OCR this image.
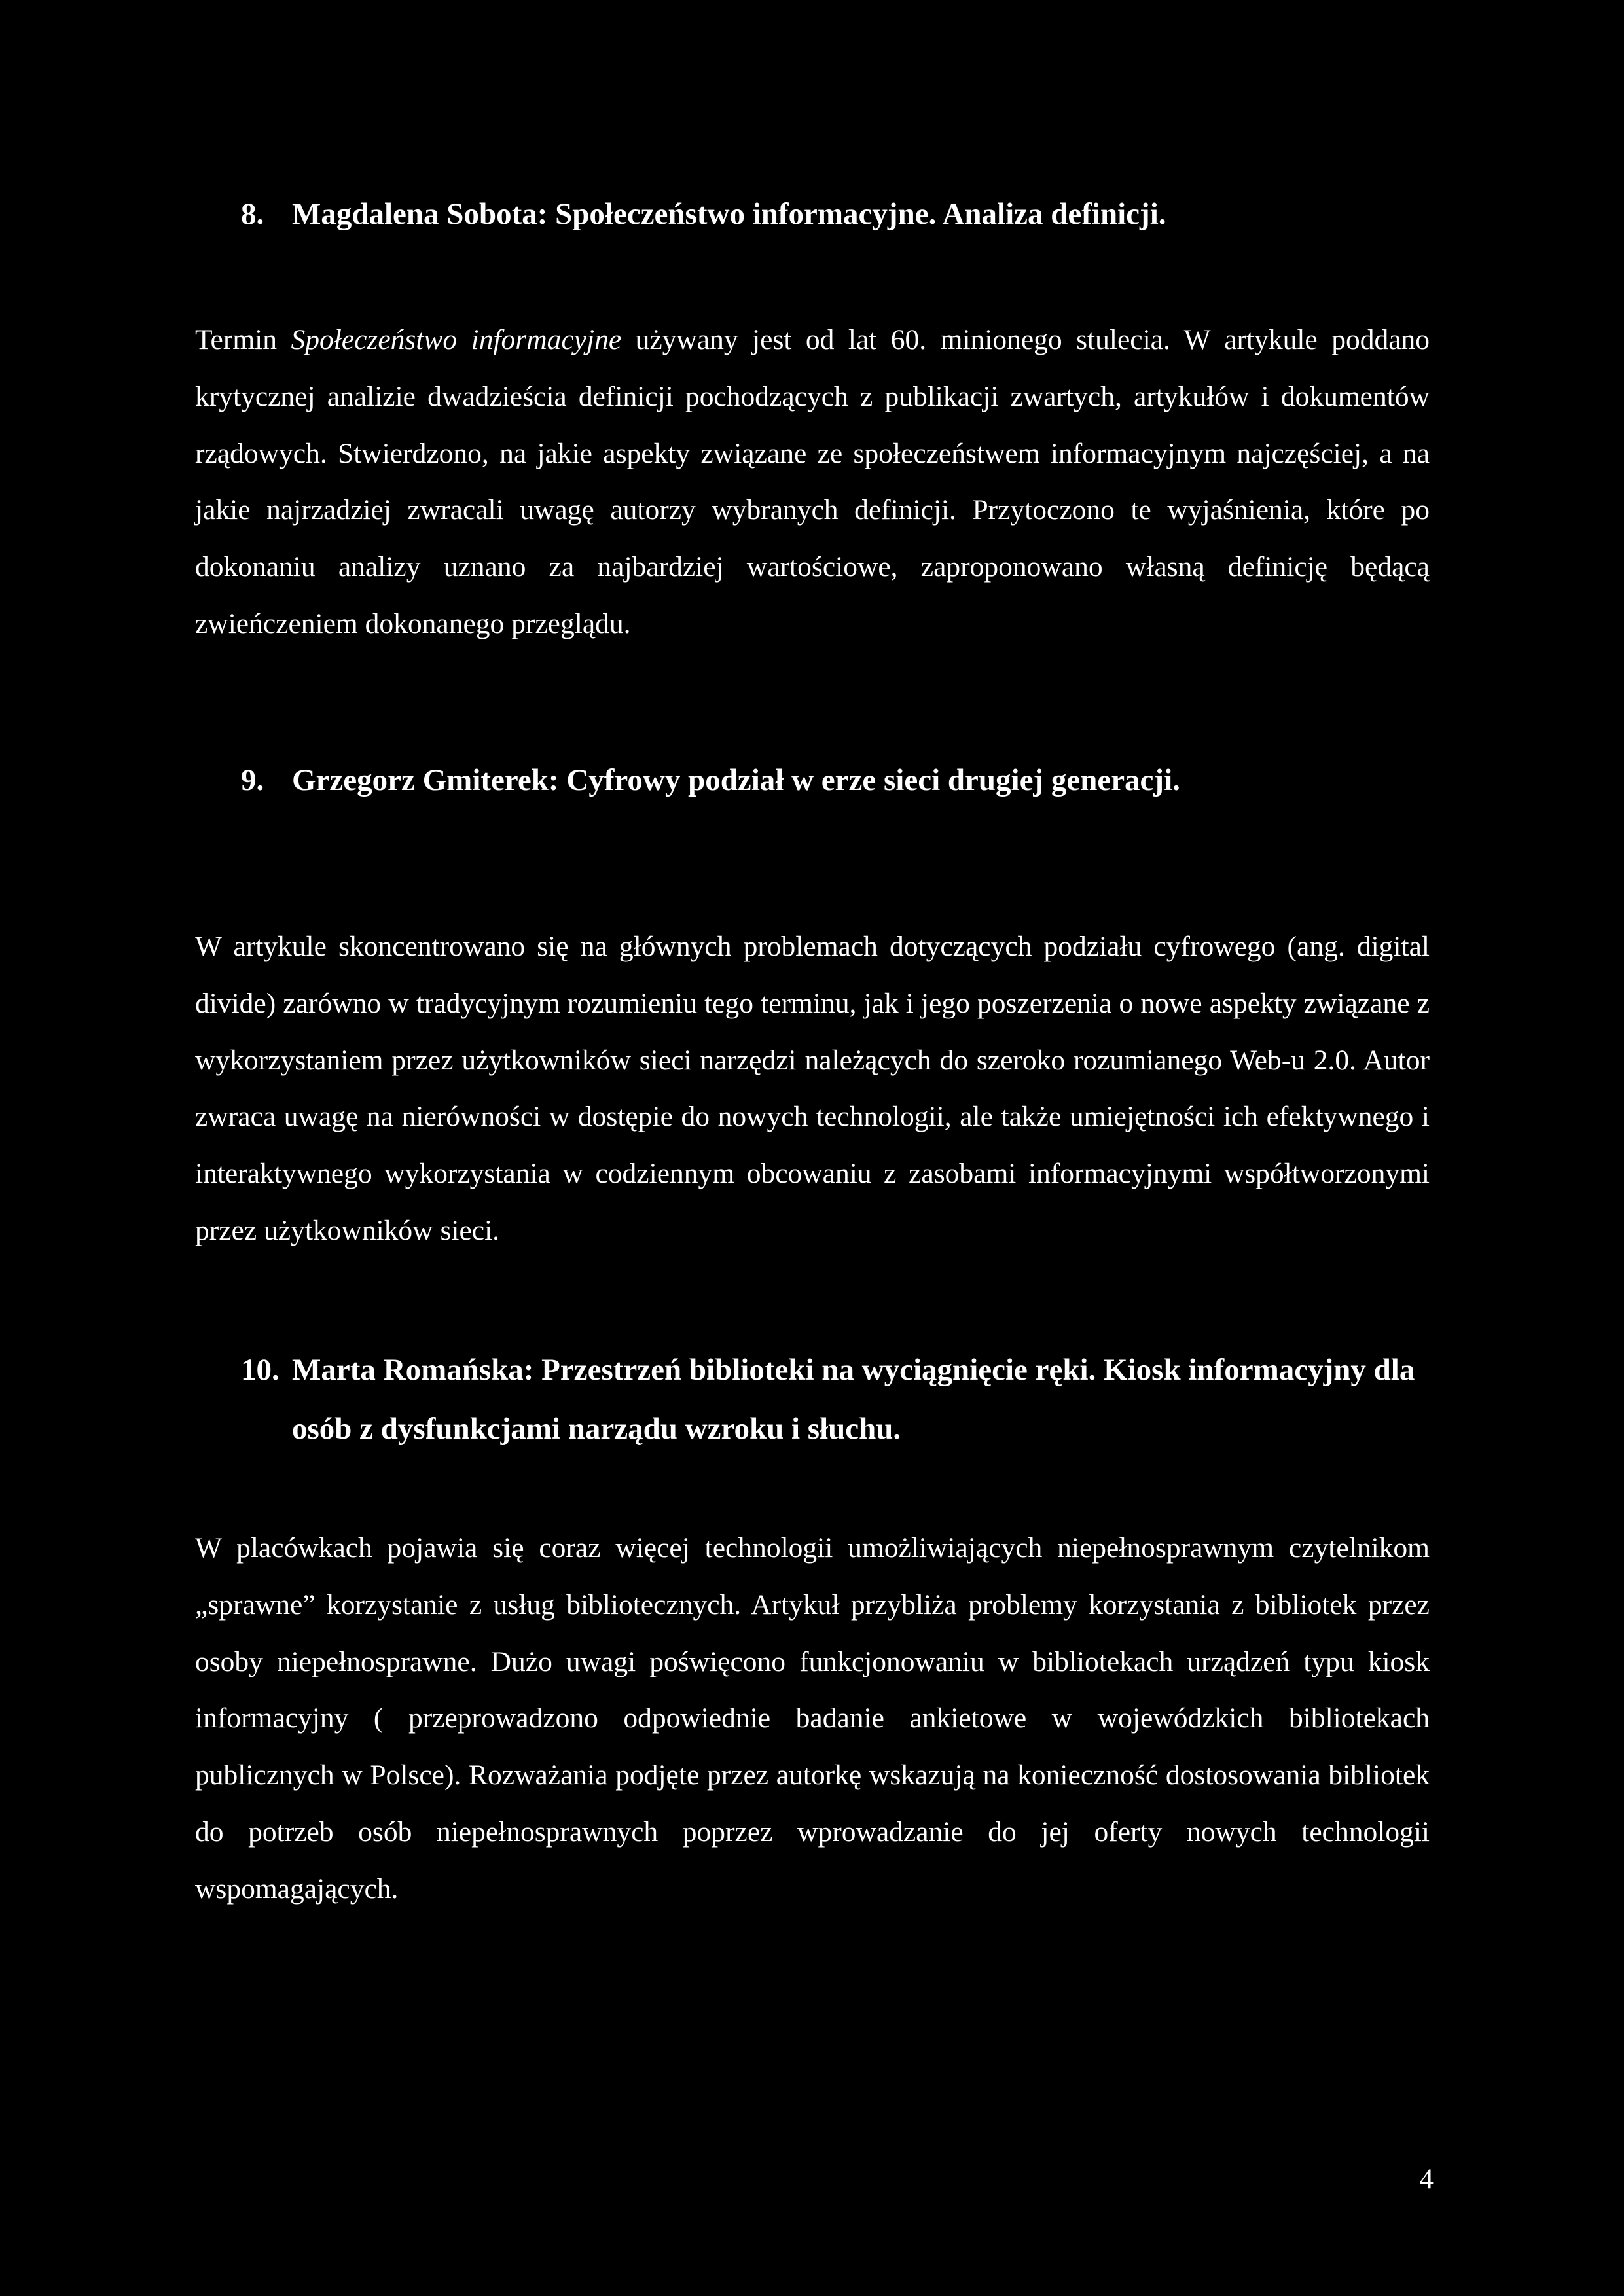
8. Magdalena Sobota: Społeczeństwo informacyjne. Analiza definicji.

Termin Społeczeństwo informacyjne używany jest od lat 60. minionego stulecia. W artykule poddano krytycznej analizie dwadzieścia definicji pochodzących z publikacji zwartych, artykułów i dokumentów rządowych. Stwierdzono, na jakie aspekty związane ze społeczeństwem informacyjnym najczęściej, a na jakie najrzadziej zwracali uwagę autorzy wybranych definicji. Przytoczono te wyjaśnienia, które po dokonaniu analizy uznano za najbardziej wartościowe, zaproponowano własną definicję będącą zwieńczeniem dokonanego przeglądu.

9. Grzegorz Gmiterek: Cyfrowy podział w erze sieci drugiej generacji.

W artykule skoncentrowano się na głównych problemach dotyczących podziału cyfrowego (ang. digital divide) zarówno w tradycyjnym rozumieniu tego terminu, jak i jego poszerzenia o nowe aspekty związane z wykorzystaniem przez użytkowników sieci narzędzi należących do szeroko rozumianego Web-u 2.0. Autor zwraca uwagę na nierówności w dostępie do nowych technologii, ale także umiejętności ich efektywnego i interaktywnego wykorzystania w codziennym obcowaniu z zasobami informacyjnymi współtworzonymi przez użytkowników sieci.

10. Marta Romańska: Przestrzeń biblioteki na wyciągnięcie ręki. Kiosk informacyjny dla osób z dysfunkcjami narządu wzroku i słuchu.

W placówkach pojawia się coraz więcej technologii umożliwiających niepełnosprawnym czytelnikom „sprawne” korzystanie z usług bibliotecznych. Artykuł przybliża problemy korzystania z bibliotek przez osoby niepełnosprawne. Dużo uwagi poświęcono funkcjonowaniu w bibliotekach urządzeń typu kiosk informacyjny ( przeprowadzono odpowiednie badanie ankietowe w wojewódzkich bibliotekach publicznych w Polsce). Rozważania podjęte przez autorkę wskazują na konieczność dostosowania bibliotek do potrzeb osób niepełnosprawnych poprzez wprowadzanie do jej oferty nowych technologii wspomagających.

4
